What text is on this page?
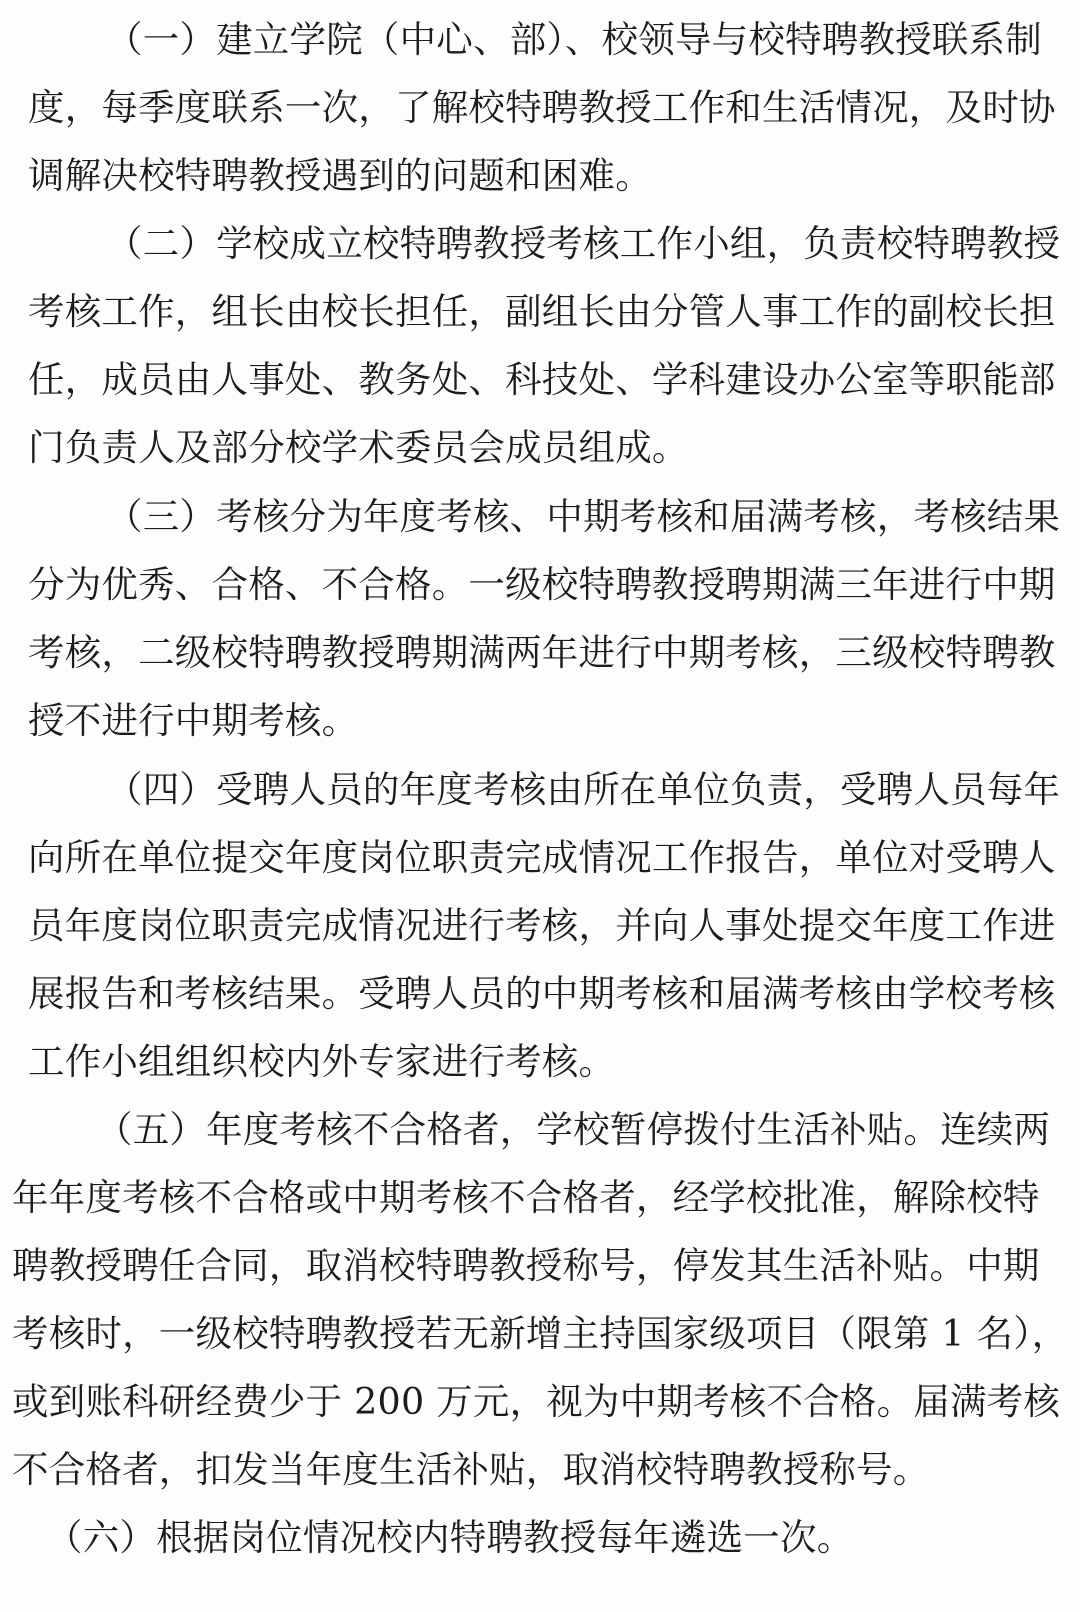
（一）建立学院（中心、部）、校领导与校特聘教授联系制
度，每季度联系一次，了解校特聘教授工作和生活情况，及时协
调解决校特聘教授遇到的问题和困难。
（二）学校成立校特聘教授考核工作小组，负责校特聘教授
考核工作，组长由校长担任，副组长由分管人事工作的副校长担
任，成员由人事处、教务处、科技处、学科建设办公室等职能部
门负责人及部分校学术委员会成员组成。
（三）考核分为年度考核、中期考核和届满考核，考核结果
分为优秀、合格、不合格。一级校特聘教授聘期满三年进行中期
考核，二级校特聘教授聘期满两年进行中期考核，三级校特聘教
授不进行中期考核。
（四）受聘人员的年度考核由所在单位负责，受聘人员每年
向所在单位提交年度岗位职责完成情况工作报告，单位对受聘人
员年度岗位职责完成情况进行考核，并向人事处提交年度工作进
展报告和考核结果。受聘人员的中期考核和届满考核由学校考核
工作小组组织校内外专家进行考核。
（五）年度考核不合格者，学校暂停拨付生活补贴。连续两
年年度考核不合格或中期考核不合格者，经学校批准，解除校特
聘教授聘任合同，取消校特聘教授称号，停发其生活补贴。中期
考核时，一级校特聘教授若无新增主持国家级项目（限第 1 名），
或到账科研经费少于 200 万元，视为中期考核不合格。届满考核
不合格者，扣发当年度生活补贴，取消校特聘教授称号。
（六）根据岗位情况校内特聘教授每年遴选一次。
